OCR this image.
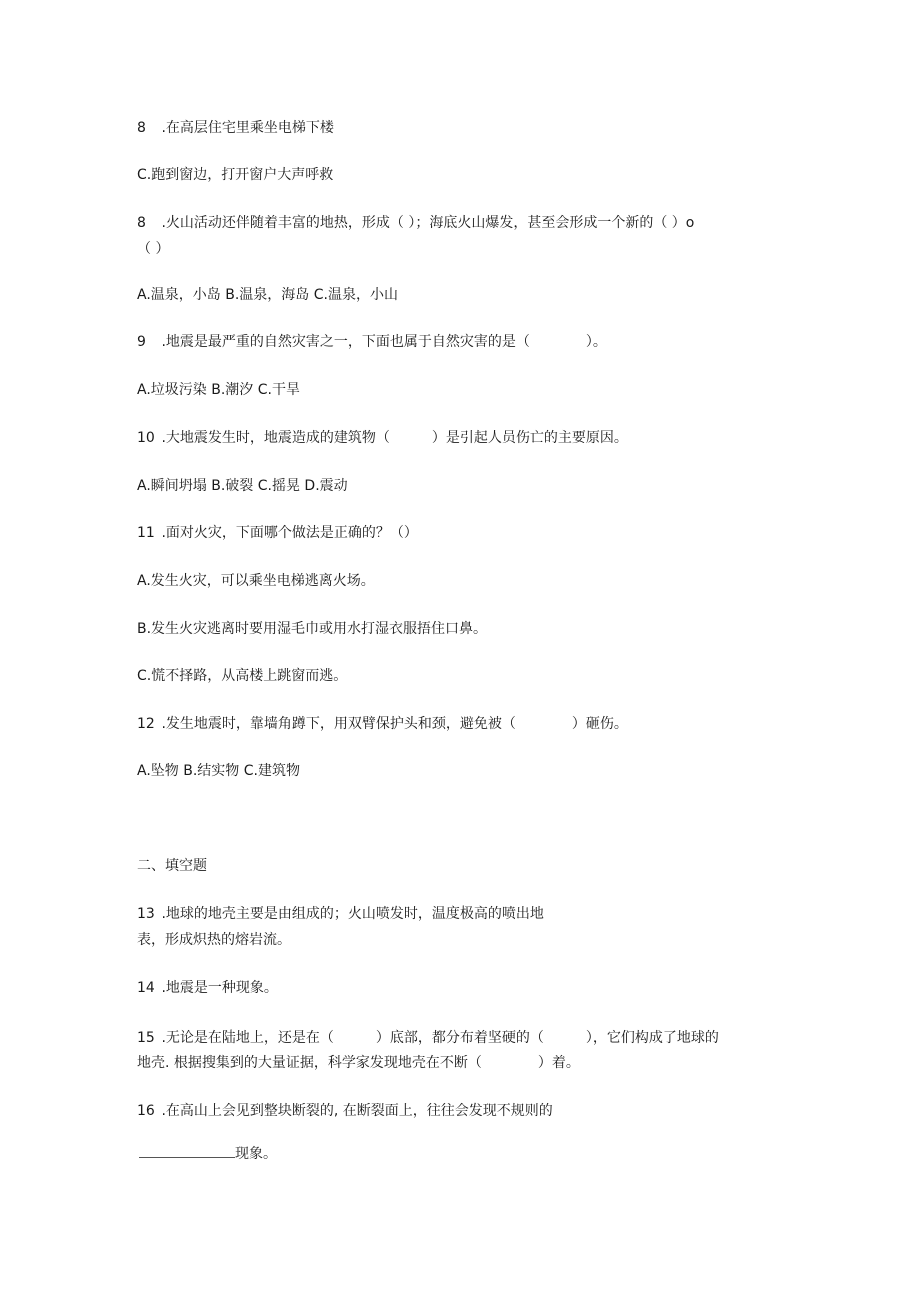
8 .在高层住宅里乘坐电梯下楼
C.跑到窗边，打开窗户大声呼救
8 .火山活动还伴随着丰富的地热，形成（ ）；海底火山爆发，甚至会形成一个新的（ ）o
（ ）
A.温泉，小岛 B.温泉，海岛 C.温泉，小山
9 .地震是最严重的自然灾害之一，下面也属于自然灾害的是（　　　　）。
A.垃圾污染 B.潮汐 C.干旱
10 .大地震发生时，地震造成的建筑物（　　　）是引起人员伤亡的主要原因。
A.瞬间坍塌 B.破裂 C.摇晃 D.震动
11 .面对火灾，下面哪个做法是正确的？（）
A.发生火灾，可以乘坐电梯逃离火场。
B.发生火灾逃离时要用湿毛巾或用水打湿衣服捂住口鼻。
C.慌不择路，从高楼上跳窗而逃。
12 .发生地震时，靠墙角蹲下，用双臂保护头和颈，避免被（　　　　）砸伤。
A.坠物 B.结实物 C.建筑物
二、填空题
13 .地球的地壳主要是由组成的；火山喷发时，温度极高的喷出地
表，形成炽热的熔岩流。
14 .地震是一种现象。
15 .无论是在陆地上，还是在（　　　）底部，都分布着坚硬的（　　　），它们构成了地球的
地壳. 根据搜集到的大量证据，科学家发现地壳在不断（　　　　）着。
16 .在高山上会见到整块断裂的, 在断裂面上，往往会发现不规则的
现象。
